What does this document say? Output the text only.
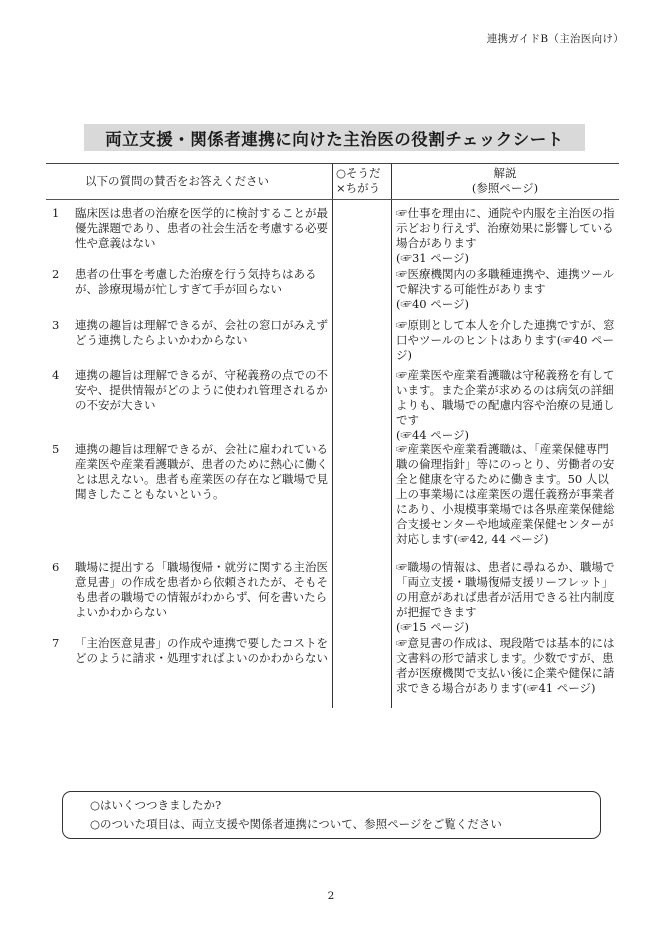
連携ガイドB（主治医向け）
両立支援・関係者連携に向けた主治医の役割チェックシート
以下の質問の賛否をお答えください
○そうだ
×ちがう
解説
(参照ページ)
1 臨床医は患者の治療を医学的に検討することが最優先課題であり、患者の社会生活を考慮する必要性や意義はない
☞仕事を理由に、通院や内服を主治医の指示どおり行えず、治療効果に影響している場合があります
(☞31 ページ)
2 患者の仕事を考慮した治療を行う気持ちはあるが、診療現場が忙しすぎて手が回らない
☞医療機関内の多職種連携や、連携ツールで解決する可能性があります
(☞40 ページ)
3 連携の趣旨は理解できるが、会社の窓口がみえずどう連携したらよいかわからない
☞原則として本人を介した連携ですが、窓口やツールのヒントはあります(☞40 ページ)
4 連携の趣旨は理解できるが、守秘義務の点での不安や、提供情報がどのように使われ管理されるかの不安が大きい
☞産業医や産業看護職は守秘義務を有しています。また企業が求めるのは病気の詳細よりも、職場での配慮内容や治療の見通しです
(☞44 ページ)
5 連携の趣旨は理解できるが、会社に雇われている産業医や産業看護職が、患者のために熱心に働くとは思えない。患者も産業医の存在など職場で見聞きしたこともないという。
☞産業医や産業看護職は、「産業保健専門職の倫理指針」等にのっとり、労働者の安全と健康を守るために働きます。50 人以上の事業場には産業医の選任義務が事業者にあり、小規模事業場では各県産業保健総合支援センターや地域産業保健センターが対応します(☞42, 44 ページ)
6 職場に提出する「職場復帰・就労に関する主治医意見書」の作成を患者から依頼されたが、そもそも患者の職場での情報がわからず、何を書いたらよいかわからない
☞職場の情報は、患者に尋ねるか、職場で「両立支援・職場復帰支援リーフレット」の用意があれば患者が活用できる社内制度が把握できます
(☞15 ページ)
7 「主治医意見書」の作成や連携で要したコストをどのように請求・処理すればよいのかわからない
☞意見書の作成は、現段階では基本的には文書料の形で請求します。少数ですが、患者が医療機関で支払い後に企業や健保に請求できる場合があります(☞41 ページ)
○はいくつつきましたか?
○のついた項目は、両立支援や関係者連携について、参照ページをご覧ください
2
